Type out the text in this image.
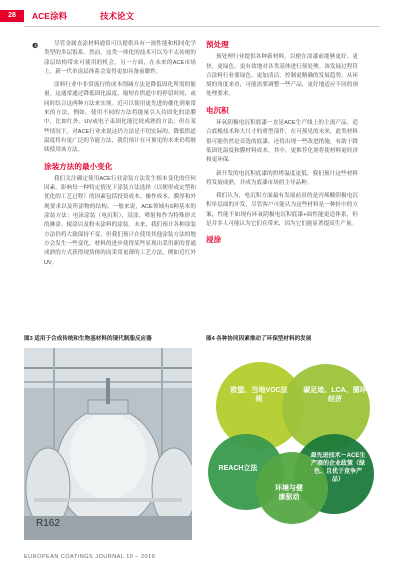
28	ACE涂料	技术论文
❸	尽管金属直涂材料通常可以提供具有一流性能和相同化学类型的多层饭系。然而，这类一体化的技术可以为不太传统的涂层结构带来可使用的机会。另一方面，在未来的ACE市场上，新一代单涂层体系会变得更加具备前瞻性。

涂料行业中非常流行的成本削减方法是降低固化所需的能量。这通常通过降低固化温度、缩短在烘道中的停留时间，或同时结合这两种方法来实现。近可以使用更先进的催化剂量常来的方法，例如，使用不同的方法将能量引入待固化的涂膜中，比如红外、UV或电子束固化能比较成熟的方法。但在某些情况下，对ACE行业来说这仍方法是不切实际的。降低烘道温度将有更广泛的节能方法，我们预计在可预见的未来仍将继续使用该方法。

涂装方法的最小变化

我们关注确定使用ACE行业涂装方法发生根本变化的任何因素。影响每一种特定情况下涂装方法选择（以便形成定型和优化的工艺过程）的因素包括投资成本、操作成本、膜厚和外观要求以及所涂物的结构。一般来说，ACE领域有6种基本的涂装方法：电泳涂装（电沉积）、浸涂、喷射和作为特殊形式的淋涂、辊涂以及粉末涂料的涂装。未来，我们预计各种涂装方法仍将大致保持不变，但我们预计在使用其他涂装方法的地方会发生一些变化。材料的进步使得某些显现出采用新的普通成熟的方式获得现货体的而采用更薄的工艺方法，例如近红外UV。

预处理

预处理行业提供各种新材料，以便在涂漆前能够更好、更快、更绿色、更有效地对各类基体进行预处理。该发展过程符合涂料行业要绿色、更加清洁、控制更精确的发展趋势，从环境的角度来看，可能需要调整一些产品，更好地适应不同的预处理要求。

电沉积

环氧阴极电沉积底漆一直是ACE生产线上的主流产品，适合底橡技术和大尺寸的重型部件，在可预见的未来，此类材料很可能仍然是首选的底漆。还将出现一些改进措施，有助于降低固化温度和膜材料成本，其中，更推荐化剂将使材料更经济和更环保。

新开发的电沉积底漆的烘烤温度更低，我们预计这些材料将发展成熟，并成为底漆市场的主导品种。

我们认为，电沉积方面最有发展前景的是丙烯酸阴极电沉积单层面的开发，尽管客户可能认为这些材料是一种折中的方案，性能不如现有环氧阴极电沉积底漆+面性能更适体系，但是并多人可能认为它们在带来，因为它们能显著提高生产量。

浸涂
图3 适用于合成传统和生物基材料的现代制脂反应器	图4 各种协同因素推动了环保型材料的发展
R162
欧盟、当地VOC法规
碳足迹、LCA、循环经济
REACH立法
最先进技术－ACE生产商的企业政策（绿色、且优于竞争产品）
环境与健康驱动
EUROPEAN COATINGS JOURNAL 10 – 2019
